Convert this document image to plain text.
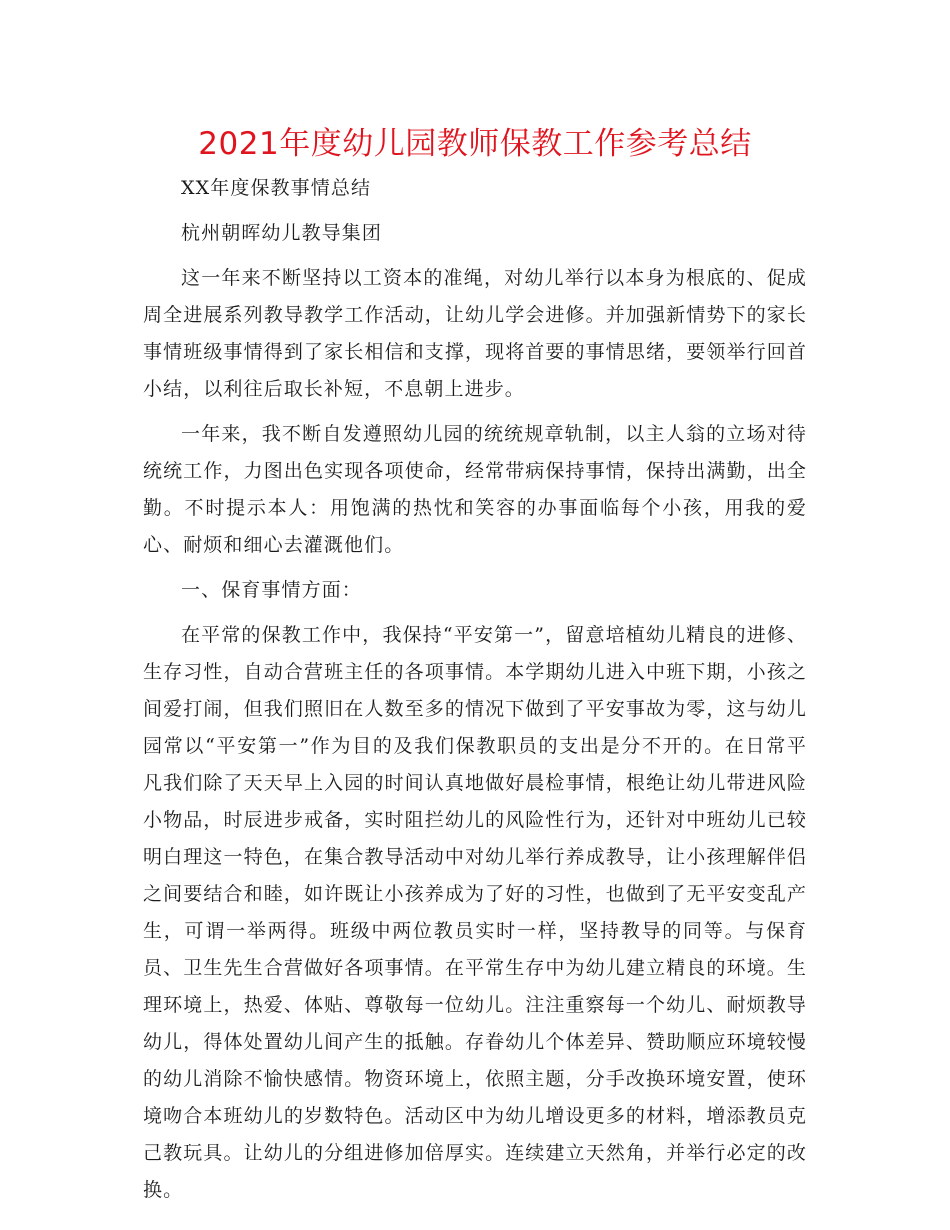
2021年度幼儿园教师保教工作参考总结

XX年度保教事情总结

杭州朝晖幼儿教导集团

这一年来不断坚持以工资本的准绳，对幼儿举行以本身为根底的、促成周全进展系列教导教学工作活动，让幼儿学会进修。并加强新情势下的家长事情班级事情得到了家长相信和支撑，现将首要的事情思绪，要领举行回首小结，以利往后取长补短，不息朝上进步。

一年来，我不断自发遵照幼儿园的统统规章轨制，以主人翁的立场对待统统工作，力图出色实现各项使命，经常带病保持事情，保持出满勤，出全勤。不时提示本人：用饱满的热忱和笑容的办事面临每个小孩，用我的爱心、耐烦和细心去灌溉他们。

一、保育事情方面：

在平常的保教工作中，我保持“平安第一”，留意培植幼儿精良的进修、生存习性，自动合营班主任的各项事情。本学期幼儿进入中班下期，小孩之间爱打闹，但我们照旧在人数至多的情况下做到了平安事故为零，这与幼儿园常以“平安第一”作为目的及我们保教职员的支出是分不开的。在日常平凡我们除了天天早上入园的时间认真地做好晨检事情，根绝让幼儿带进风险小物品，时辰进步戒备，实时阻拦幼儿的风险性行为，还针对中班幼儿已较明白理这一特色，在集合教导活动中对幼儿举行养成教导，让小孩理解伴侣之间要结合和睦，如许既让小孩养成为了好的习性，也做到了无平安变乱产生，可谓一举两得。班级中两位教员实时一样，坚持教导的同等。与保育员、卫生先生合营做好各项事情。在平常生存中为幼儿建立精良的环境。生理环境上，热爱、体贴、尊敬每一位幼儿。注注重察每一个幼儿、耐烦教导幼儿，得体处置幼儿间产生的抵触。存眷幼儿个体差异、赞助顺应环境较慢的幼儿消除不愉快感情。物资环境上，依照主题，分手改换环境安置，使环境吻合本班幼儿的岁数特色。活动区中为幼儿增设更多的材料，增添教员克己教玩具。让幼儿的分组进修加倍厚实。连续建立天然角，并举行必定的改换。
